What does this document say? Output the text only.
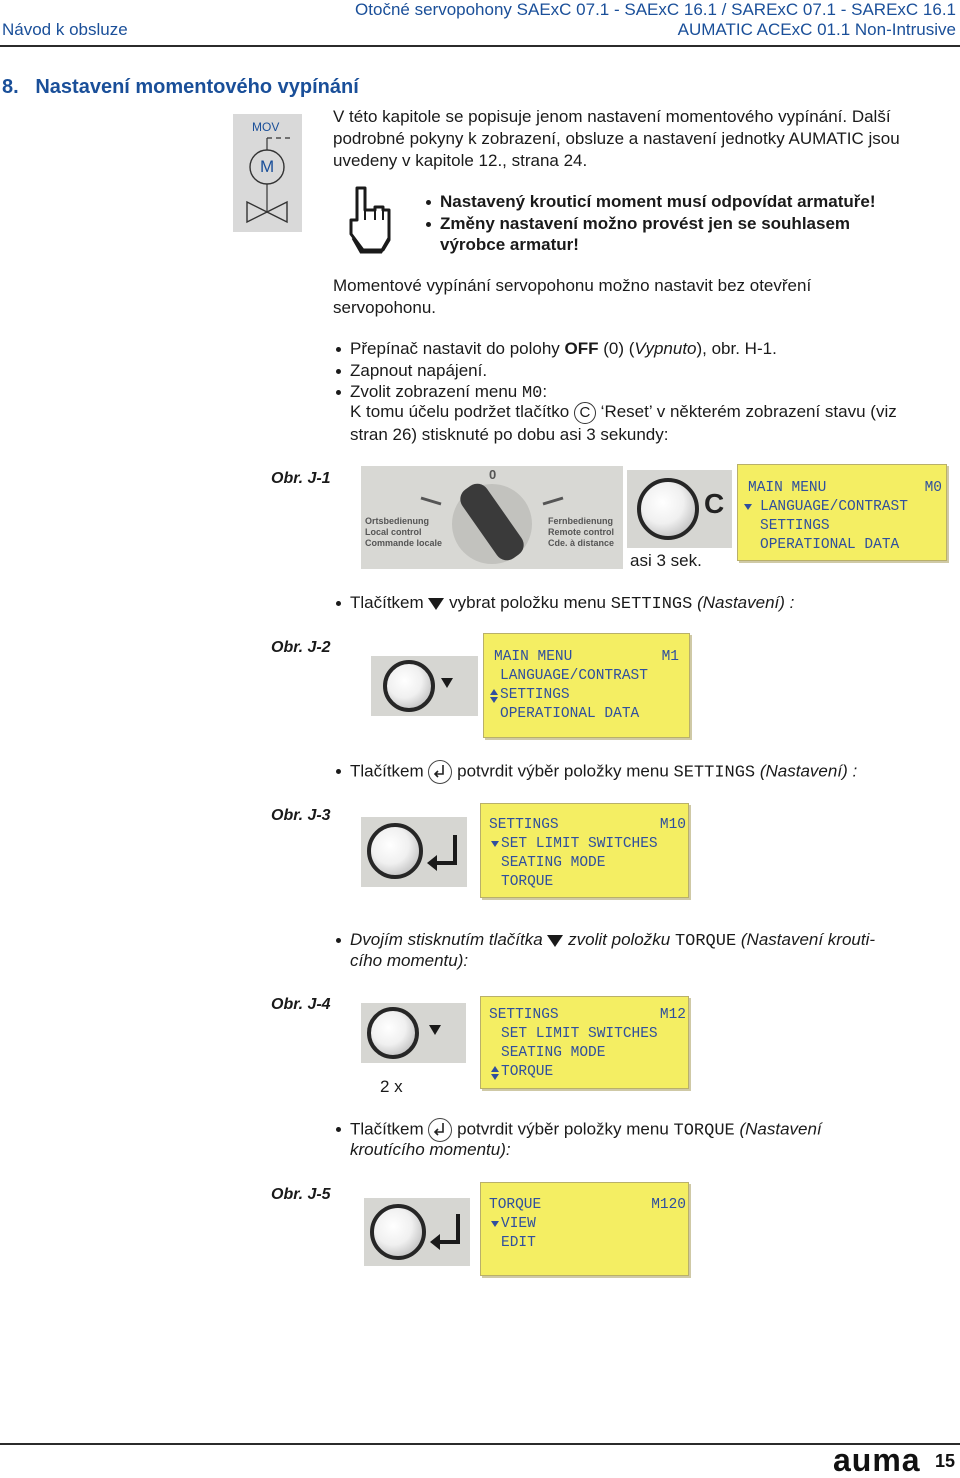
Návod k obsluze
Otočné servopohony SAExC 07.1 - SAExC 16.1 / SARExC 07.1 - SARExC 16.1
AUMATIC ACExC 01.1 Non-Intrusive
8.   Nastavení momentového vypínání
MOV
M

V této kapitole se popisuje jenom nastavení momentového vypínání. Další

podrobné pokyny k zobrazení, obsluze a nastavení jednotky AUMATIC jsou

uvedeny v kapitole 12., strana 24.

Nastavený krouticí moment musí odpovídat armatuře!
Změny nastavení možno provést jen se souhlasem
výrobce armatur!

Momentové vypínání servopohonu možno nastavit bez otevření

servopohonu.

Přepínač nastavit do polohy OFF (0) (Vypnuto), obr. H-1.
Zapnout napájení.
Zvolit zobrazení menu M0:

K tomu účelu podržet tlačítko C ‘Reset’ v některém zobrazení stavu (viz

stran 26) stisknuté po dobu asi 3 sekundy:

Obr. J-1	0
Ortsbedienung
Local control
Commande locale
Fernbedienung
Remote control
Cde. à distance
C
asi 3 sek.
MAIN MENU	M0
LANGUAGE/CONTRAST
SETTINGS
OPERATIONAL DATA
Tlačítkem  vybrat položku menu SETTINGS (Nastavení) :
Obr. J-2
MAIN MENU	M1
LANGUAGE/CONTRAST
SETTINGS
OPERATIONAL DATA
Tlačítkem
potvrdit výběr položky menu SETTINGS (Nastavení) :
Obr. J-3
SETTINGS	M10
SET LIMIT SWITCHES
SEATING MODE
TORQUE
Dvojím stisknutím tlačítka  zvolit položku TORQUE (Nastavení krouti-
cího momentu):
Obr. J-4
2 x
SETTINGS	M12
SET LIMIT SWITCHES
SEATING MODE
TORQUE
Tlačítkem
potvrdit výběr položky menu TORQUE (Nastavení
kroutícího momentu):
Obr. J-5
TORQUE	M120
VIEW
EDIT
auma 15
